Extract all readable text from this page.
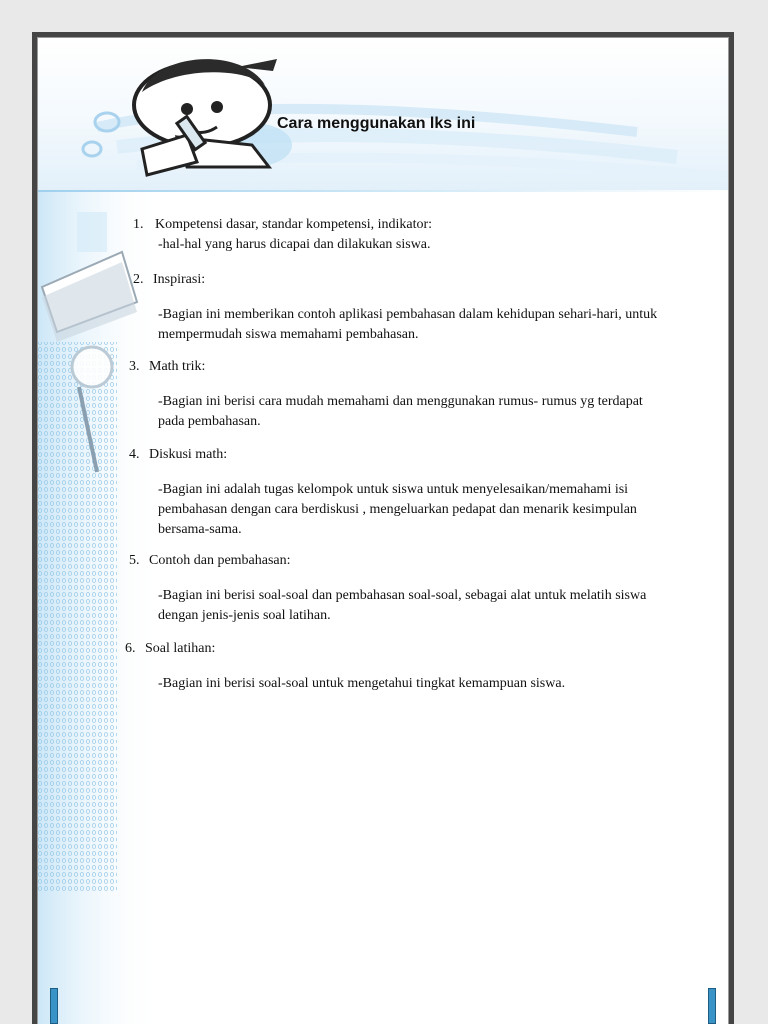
Cara menggunakan lks ini
1. Kompetensi dasar, standar kompetensi, indikator:
-hal-hal yang harus dicapai dan dilakukan siswa.
2. Inspirasi:
-Bagian ini memberikan contoh aplikasi pembahasan dalam kehidupan sehari-hari, untuk mempermudah siswa memahami pembahasan.
3. Math trik:
-Bagian ini berisi cara mudah memahami dan menggunakan rumus- rumus yg terdapat pada pembahasan.
4. Diskusi math:
-Bagian ini adalah tugas kelompok untuk siswa untuk menyelesaikan/memahami isi pembahasan dengan cara berdiskusi , mengeluarkan pedapat dan menarik kesimpulan bersama-sama.
5. Contoh dan pembahasan:
-Bagian ini berisi soal-soal dan pembahasan soal-soal, sebagai alat untuk melatih siswa dengan jenis-jenis soal latihan.
6. Soal latihan:
-Bagian ini berisi soal-soal untuk mengetahui tingkat kemampuan siswa.
